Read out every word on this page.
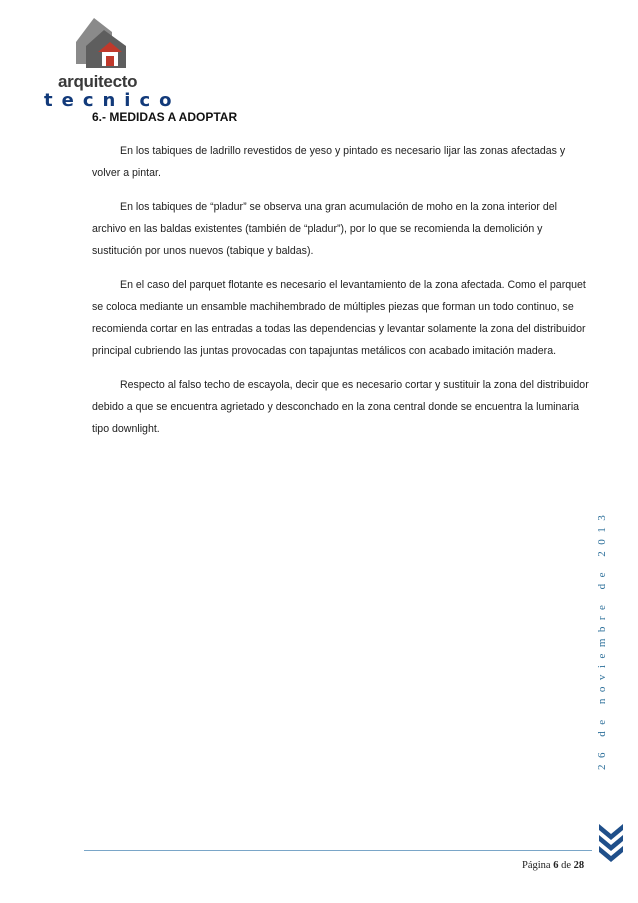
arquitecto
tecnico
6.- MEDIDAS A ADOPTAR

En los tabiques de ladrillo revestidos de yeso y pintado es necesario lijar las zonas afectadas y volver a pintar.

En los tabiques de “pladur” se observa una gran acumulación de moho en la zona interior del archivo en las baldas existentes (también de “pladur”), por lo que se recomienda la demolición y sustitución por unos nuevos (tabique y baldas).

En el caso del parquet flotante es necesario el levantamiento de la zona afectada. Como el parquet se coloca mediante un ensamble machihembrado de múltiples piezas que forman un todo continuo, se recomienda cortar en las entradas a todas las dependencias y levantar solamente la zona del distribuidor principal cubriendo las juntas provocadas con tapajuntas metálicos con acabado imitación madera.

Respecto al falso techo de escayola, decir que es necesario cortar y sustituir la zona del distribuidor debido a que se encuentra agrietado y desconchado en la zona central donde se encuentra la luminaria tipo downlight.

26 de noviembre de 2013
Página 6 de 28
